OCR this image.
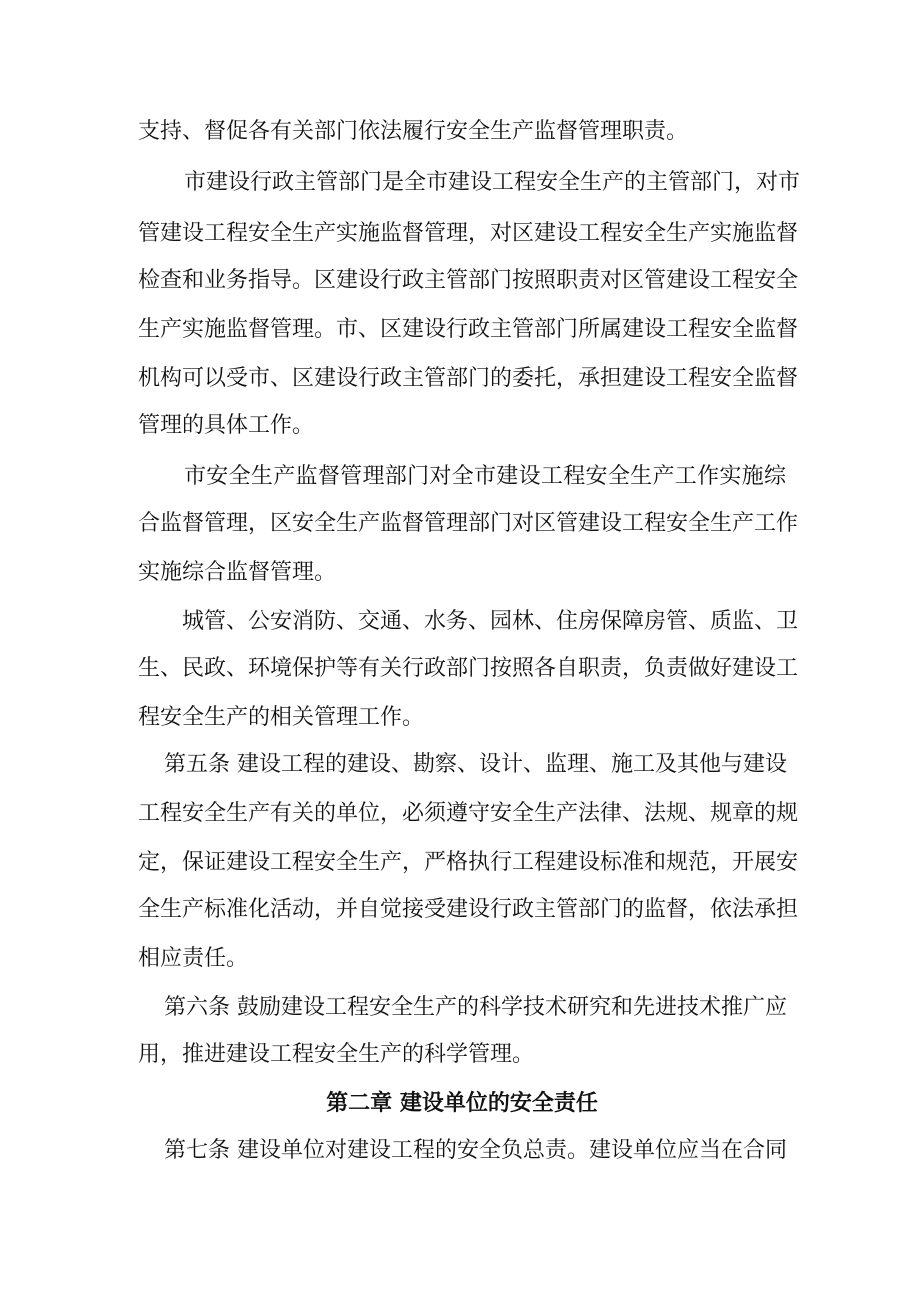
支持、督促各有关部门依法履行安全生产监督管理职责。
市建设行政主管部门是全市建设工程安全生产的主管部门，对市
管建设工程安全生产实施监督管理，对区建设工程安全生产实施监督
检查和业务指导。区建设行政主管部门按照职责对区管建设工程安全
生产实施监督管理。市、区建设行政主管部门所属建设工程安全监督
机构可以受市、区建设行政主管部门的委托，承担建设工程安全监督
管理的具体工作。
市安全生产监督管理部门对全市建设工程安全生产工作实施综
合监督管理，区安全生产监督管理部门对区管建设工程安全生产工作
实施综合监督管理。
城管、公安消防、交通、水务、园林、住房保障房管、质监、卫
生、民政、环境保护等有关行政部门按照各自职责，负责做好建设工
程安全生产的相关管理工作。
第五条 建设工程的建设、勘察、设计、监理、施工及其他与建设
工程安全生产有关的单位，必须遵守安全生产法律、法规、规章的规
定，保证建设工程安全生产，严格执行工程建设标准和规范，开展安
全生产标准化活动，并自觉接受建设行政主管部门的监督，依法承担
相应责任。
第六条 鼓励建设工程安全生产的科学技术研究和先进技术推广应
用，推进建设工程安全生产的科学管理。
第二章 建设单位的安全责任
第七条 建设单位对建设工程的安全负总责。建设单位应当在合同
